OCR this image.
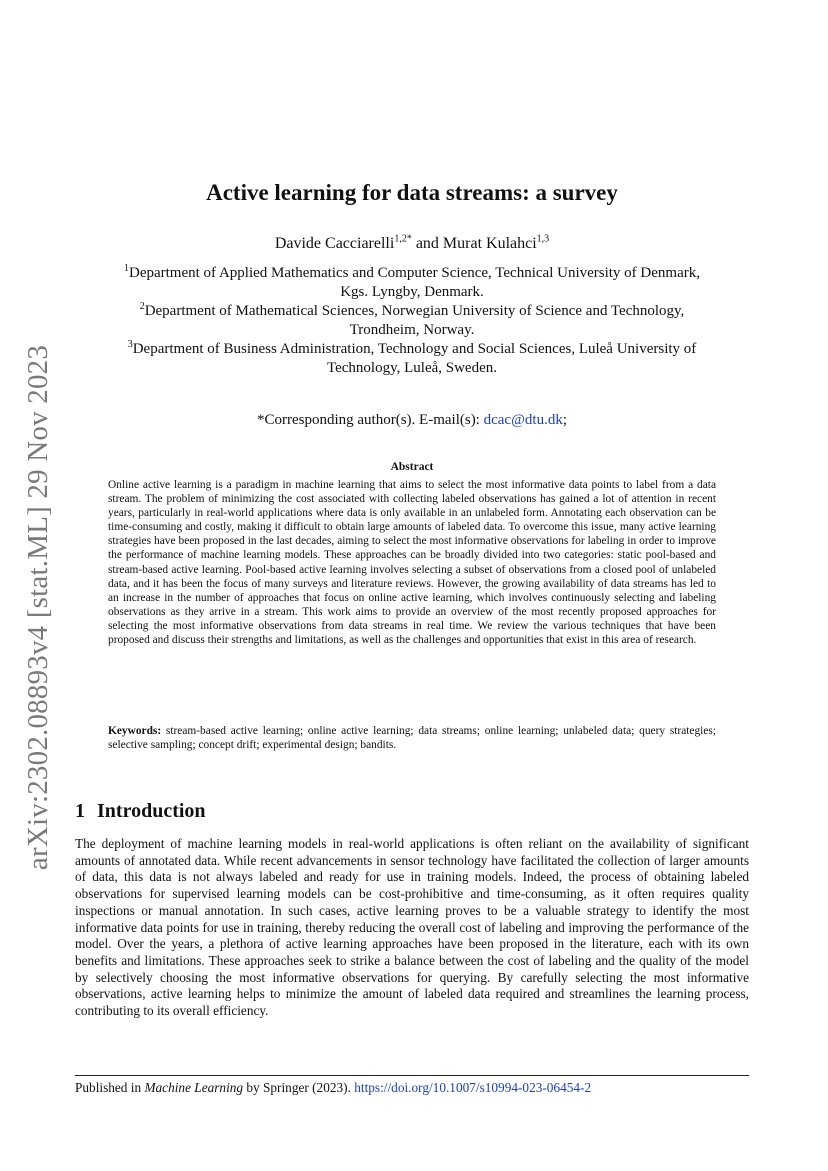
arXiv:2302.08893v4 [stat.ML] 29 Nov 2023
Active learning for data streams: a survey
Davide Cacciarelli$^{1,2*}$ and Murat Kulahci$^{1,3}$
$^1$Department of Applied Mathematics and Computer Science, Technical University of Denmark,
Kgs. Lyngby, Denmark.
$^2$Department of Mathematical Sciences, Norwegian University of Science and Technology,
Trondheim, Norway.
$^3$Department of Business Administration, Technology and Social Sciences, Luleå University of
Technology, Luleå, Sweden.
*Corresponding author(s). E-mail(s): dcac@dtu.dk;
Abstract

Online active learning is a paradigm in machine learning that aims to select the most informative data points to label from a data stream. The problem of minimizing the cost associated with collecting labeled observations has gained a lot of attention in recent years, particularly in real-world applications where data is only available in an unlabeled form. Annotating each observation can be time-consuming and costly, making it difficult to obtain large amounts of labeled data. To overcome this issue, many active learning strategies have been proposed in the last decades, aiming to select the most informative observations for labeling in order to improve the performance of machine learning models. These approaches can be broadly divided into two categories: static pool-based and stream-based active learning. Pool-based active learning involves selecting a subset of observations from a closed pool of unlabeled data, and it has been the focus of many surveys and literature reviews. However, the growing availability of data streams has led to an increase in the number of approaches that focus on online active learning, which involves continuously selecting and labeling observations as they arrive in a stream. This work aims to provide an overview of the most recently proposed approaches for selecting the most informative observations from data streams in real time. We review the various techniques that have been proposed and discuss their strengths and limitations, as well as the challenges and opportunities that exist in this area of research.

Keywords: stream-based active learning; online active learning; data streams; online learning; unlabeled data; query strategies; selective sampling; concept drift; experimental design; bandits.

1 Introduction

The deployment of machine learning models in real-world applications is often reliant on the availability of significant amounts of annotated data. While recent advancements in sensor technology have facilitated the collection of larger amounts of data, this data is not always labeled and ready for use in training models. Indeed, the process of obtaining labeled observations for supervised learning models can be cost-prohibitive and time-consuming, as it often requires quality inspections or manual annotation. In such cases, active learning proves to be a valuable strategy to identify the most informative data points for use in training, thereby reducing the overall cost of labeling and improving the performance of the model. Over the years, a plethora of active learning approaches have been proposed in the literature, each with its own benefits and limitations. These approaches seek to strike a balance between the cost of labeling and the quality of the model by selectively choosing the most informative observations for querying. By carefully selecting the most informative observations, active learning helps to minimize the amount of labeled data required and streamlines the learning process, contributing to its overall efficiency.

Published in Machine Learning by Springer (2023). https://doi.org/10.1007/s10994-023-06454-2
